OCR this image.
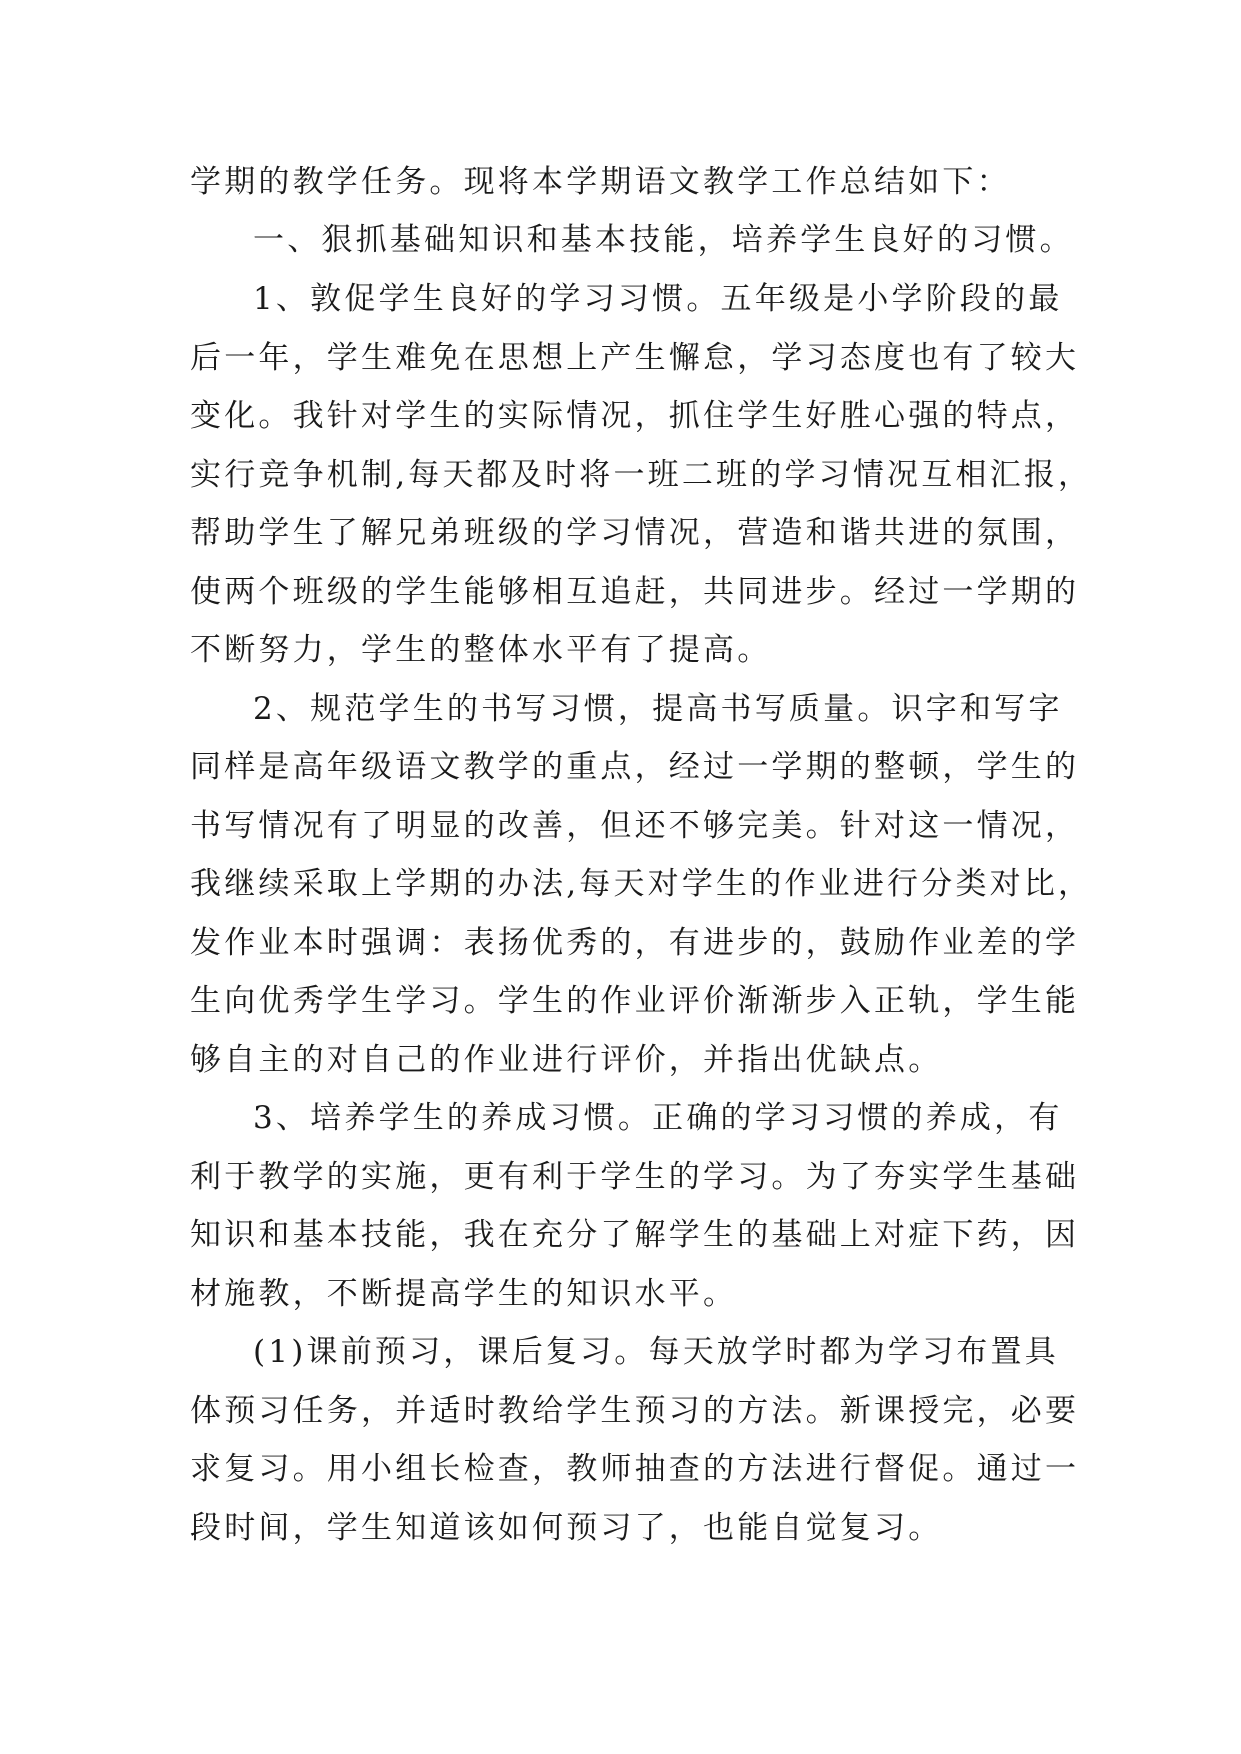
学期的教学任务。现将本学期语文教学工作总结如下：
一、狠抓基础知识和基本技能，培养学生良好的习惯。
1、敦促学生良好的学习习惯。五年级是小学阶段的最
后一年，学生难免在思想上产生懈怠，学习态度也有了较大
变化。我针对学生的实际情况，抓住学生好胜心强的特点，
实行竞争机制,每天都及时将一班二班的学习情况互相汇报，
帮助学生了解兄弟班级的学习情况，营造和谐共进的氛围，
使两个班级的学生能够相互追赶，共同进步。经过一学期的
不断努力，学生的整体水平有了提高。
2、规范学生的书写习惯，提高书写质量。识字和写字
同样是高年级语文教学的重点，经过一学期的整顿，学生的
书写情况有了明显的改善，但还不够完美。针对这一情况，
我继续采取上学期的办法,每天对学生的作业进行分类对比，
发作业本时强调：表扬优秀的，有进步的，鼓励作业差的学
生向优秀学生学习。学生的作业评价渐渐步入正轨，学生能
够自主的对自己的作业进行评价，并指出优缺点。
3、培养学生的养成习惯。正确的学习习惯的养成，有
利于教学的实施，更有利于学生的学习。为了夯实学生基础
知识和基本技能，我在充分了解学生的基础上对症下药，因
材施教，不断提高学生的知识水平。
(1)课前预习，课后复习。每天放学时都为学习布置具
体预习任务，并适时教给学生预习的方法。新课授完，必要
求复习。用小组长检查，教师抽查的方法进行督促。通过一
段时间，学生知道该如何预习了，也能自觉复习。
